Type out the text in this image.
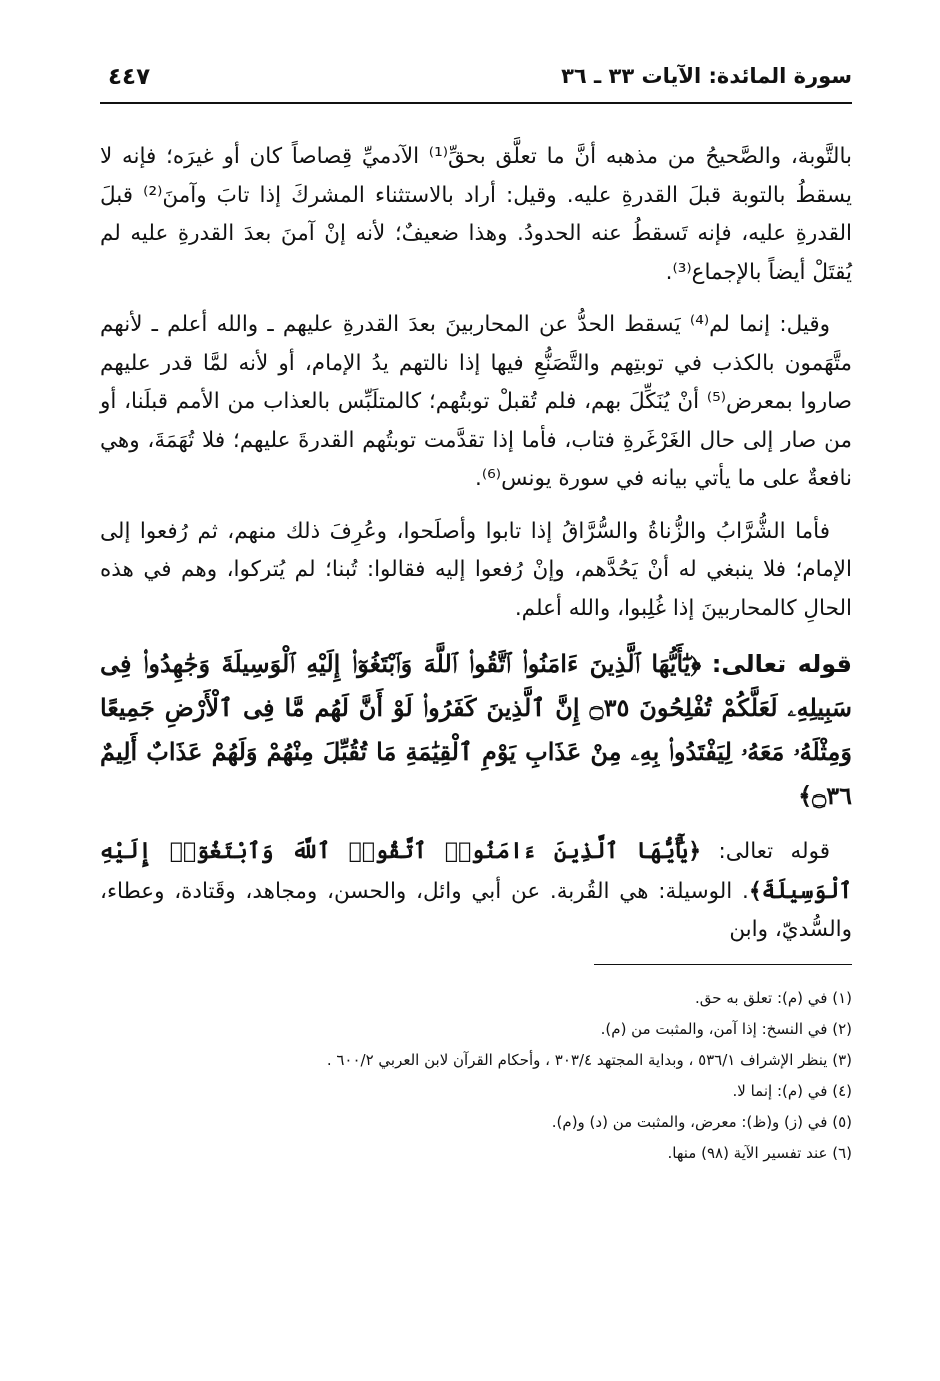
سورة المائدة: الآيات ٣٣ ـ ٣٦
٤٤٧

بالتَّوبة، والصَّحيحُ من مذهبه أنَّ ما تعلَّق بحقِّ⁽¹⁾ الآدميِّ قِصاصاً كان أو غيرَه؛ فإنه لا يسقطُ بالتوبة قبلَ القدرةِ عليه. وقيل: أراد بالاستثناء المشركَ إذا تابَ وآمنَ⁽²⁾ قبلَ القدرةِ عليه، فإنه تَسقطُ عنه الحدودُ. وهذا ضعيفٌ؛ لأنه إنْ آمنَ بعدَ القدرةِ عليه لم يُقتَلْ أيضاً بالإجماع⁽³⁾.

وقيل: إنما لم⁽⁴⁾ يَسقط الحدُّ عن المحاربينَ بعدَ القدرةِ عليهم ـ والله أعلم ـ لأنهم متَّهَمون بالكذب في توبتِهم والتَّصَنُّعِ فيها إذا نالتهم يدُ الإمام، أو لأنه لمَّا قدر عليهم صاروا بمعرض⁽⁵⁾ أنْ يُنَكِّلَ بهم، فلم تُقبلْ توبتُهم؛ كالمتلَبِّس بالعذاب من الأمم قبلَنا، أو من صار إلى حال الغَرْغَرةِ فتاب، فأما إذا تقدَّمت توبتُهم القدرةَ عليهم؛ فلا تُهَمَةَ، وهي نافعةٌ على ما يأتي بيانه في سورة يونس⁽⁶⁾.

فأما الشُّرَّابُ والزُّناةُ والسُّرَّاقُ إذا تابوا وأصلَحوا، وعُرِفَ ذلك منهم، ثم رُفعوا إلى الإمام؛ فلا ينبغي له أنْ يَحُدَّهم، وإنْ رُفعوا إليه فقالوا: تُبنا؛ لم يُتركوا، وهم في هذه الحالِ كالمحاربينَ إذا غُلِبوا، والله أعلم.

قوله تعالى: ﴿يَٰٓأَيُّهَا ٱلَّذِينَ ءَامَنُوا۟ ٱتَّقُوا۟ ٱللَّهَ وَٱبْتَغُوٓا۟ إِلَيْهِ ٱلْوَسِيلَةَ وَجَٰهِدُوا۟ فِى سَبِيلِهِۦ لَعَلَّكُمْ تُفْلِحُونَ ۝٣٥ إِنَّ ٱلَّذِينَ كَفَرُوا۟ لَوْ أَنَّ لَهُم مَّا فِى ٱلْأَرْضِ جَمِيعًا وَمِثْلَهُۥ مَعَهُۥ لِيَفْتَدُوا۟ بِهِۦ مِنْ عَذَابِ يَوْمِ ٱلْقِيَٰمَةِ مَا تُقُبِّلَ مِنْهُمْ وَلَهُمْ عَذَابٌ أَلِيمٌ ۝٣٦﴾

قوله تعالى: ﴿يَٰٓأَيُّهَا ٱلَّذِينَ ءَامَنُوا۟ ٱتَّقُوا۟ ٱللَّهَ وَٱبْتَغُوٓا۟ إِلَيْهِ ٱلْوَسِيلَةَ﴾. الوسيلة: هي القُربة. عن أبي وائل، والحسن، ومجاهد، وقَتادة، وعطاء، والسُّديّ، وابن

(١) في (م): تعلق به حق.

(٢) في النسخ: إذا آمن، والمثبت من (م).

(٣) ينظر الإشراف ٥٣٦/١ ، وبداية المجتهد ٣٠٣/٤ ، وأحكام القرآن لابن العربي ٦٠٠/٢ .

(٤) في (م): إنما لا.

(٥) في (ز) و(ظ): معرض، والمثبت من (د) و(م).

(٦) عند تفسير الآية (٩٨) منها.
